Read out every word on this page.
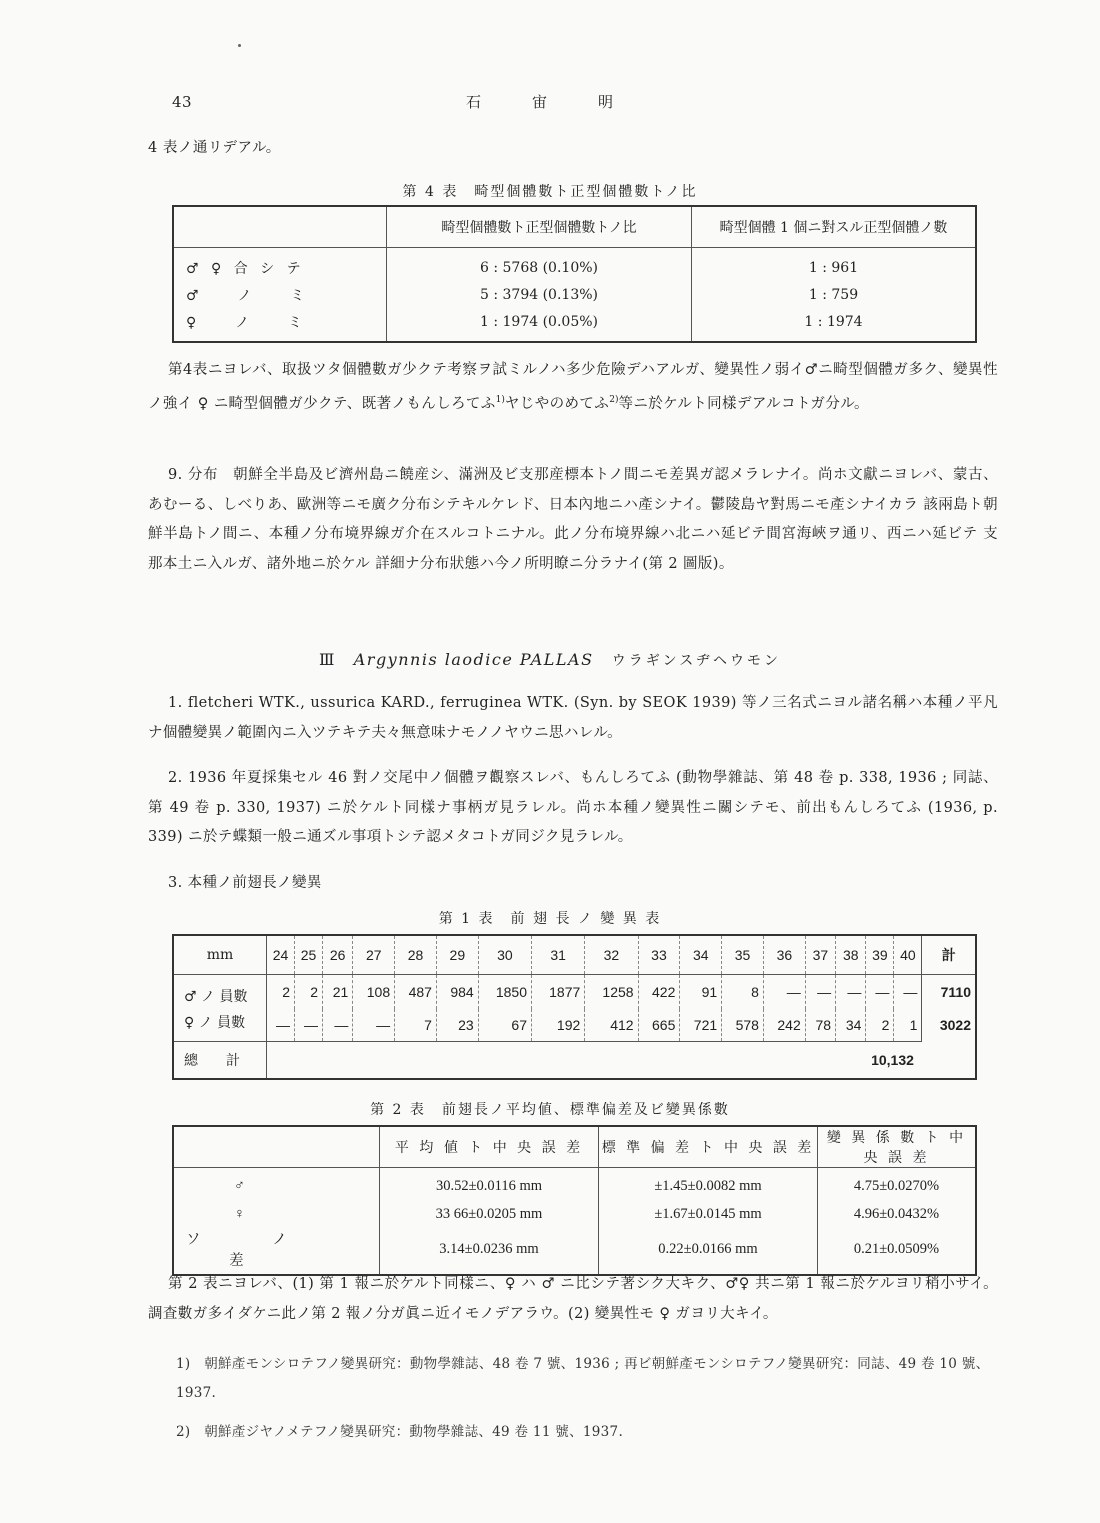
43	石　宙　明
4 表ノ通リデアル。
第 4 表　畸型個體數ト正型個體數トノ比
	畸型個體數ト正型個體數トノ比	畸型個體 1 個ニ對スル正型個體ノ數
♂ ♀ 合 シ テ	6 : 5768 (0.10%)	1 : 961
♂ 　 ノ 　 ミ	5 : 3794 (0.13%)	1 : 759
♀ 　 ノ 　 ミ	1 : 1974 (0.05%)	1 : 1974

第4表ニヨレバ、取扱ツタ個體數ガ少クテ考察ヲ試ミルノハ多少危險デハアルガ、變異性ノ弱イ♂ニ畸型個體ガ多ク、變異性ノ強イ ♀ ニ畸型個體ガ少クテ、既著ノもんしろてふ$^{1)}$ヤじやのめてふ$^{2)}$等ニ於ケルト同樣デアルコトガ分ル。

9. 分布　朝鮮全半島及ビ濟州島ニ饒産シ、滿洲及ビ支那産標本トノ間ニモ差異ガ認メラレナイ。尚ホ文獻ニヨレバ、蒙古、あむーる、しべりあ、歐洲等ニモ廣ク分布シテキルケレド、日本內地ニハ產シナイ。鬱陵島ヤ對馬ニモ產シナイカラ 該兩島ト朝鮮半島トノ間ニ、本種ノ分布境界線ガ介在スルコトニナル。此ノ分布境界線ハ北ニハ延ビテ間宮海峽ヲ通リ、西ニハ延ビテ 支那本土ニ入ルガ、諸外地ニ於ケル 詳細ナ分布狀態ハ今ノ所明瞭ニ分ラナイ(第 2 圖版)。

Ⅲ Argynnis laodice PALLAS ウラギンスヂヘウモン

1. fletcheri WTK., ussurica KARD., ferruginea WTK. (Syn. by SEOK 1939) 等ノ三名式ニヨル諸名稱ハ本種ノ平凡ナ個體變異ノ範圍內ニ入ツテキテ夫々無意味ナモノノヤウニ思ハレル。

2. 1936 年夏採集セル 46 對ノ交尾中ノ個體ヲ觀察スレバ、もんしろてふ (動物學雜誌、第 48 卷 p. 338, 1936 ; 同誌、第 49 卷 p. 330, 1937) ニ於ケルト同樣ナ事柄ガ見ラレル。尚ホ本種ノ變異性ニ關シテモ、前出もんしろてふ (1936, p. 339) ニ於テ蝶類一般ニ通ズル事項トシテ認メタコトガ同ジク見ラレル。

3. 本種ノ前翅長ノ變異

第 1 表　前 翅 長 ノ 變 異 表
mm	24	25	26	27	28	29	30	31	32	33	34	35	36	37	38	39	40	計
♂ ノ 員數	2	2	21	108	487	984	1850	1877	1258	422	91	8	—	—	—	—	—	7110
♀ ノ 員數	—	—	—	—	7	23	67	192	412	665	721	578	242	78	34	2	1	3022
總　　計	10,132																
第 2 表　前翅長ノ平均値、標準偏差及ビ變異係數
	平 均 値 ト 中 央 誤 差	標 準 偏 差 ト 中 央 誤 差	變 異 係 數 ト 中 央 誤 差
♂	30.52±0.0116 mm	±1.45±0.0082 mm	4.75±0.0270%
♀	33 66±0.0205 mm	±1.67±0.0145 mm	4.96±0.0432%
ソ 　 ノ 　 差	3.14±0.0236 mm	0.22±0.0166 mm	0.21±0.0509%

第 2 表ニヨレバ、(1) 第 1 報ニ於ケルト同樣ニ、♀ ハ ♂ ニ比シテ著シク大キク、♂♀ 共ニ第 1 報ニ於ケルヨリ稍小サイ。調査數ガ多イダケニ此ノ第 2 報ノ分ガ眞ニ近イモノデアラウ。(2) 變異性モ ♀ ガヨリ大キイ。

1)　朝鮮產モンシロテフノ變異研究：動物學雜誌、48 卷 7 號、1936 ; 再ビ朝鮮產モンシロテフノ變異研究：同誌、49 卷 10 號、1937.

2)　朝鮮產ジヤノメテフノ變異研究：動物學雜誌、49 卷 11 號、1937.
